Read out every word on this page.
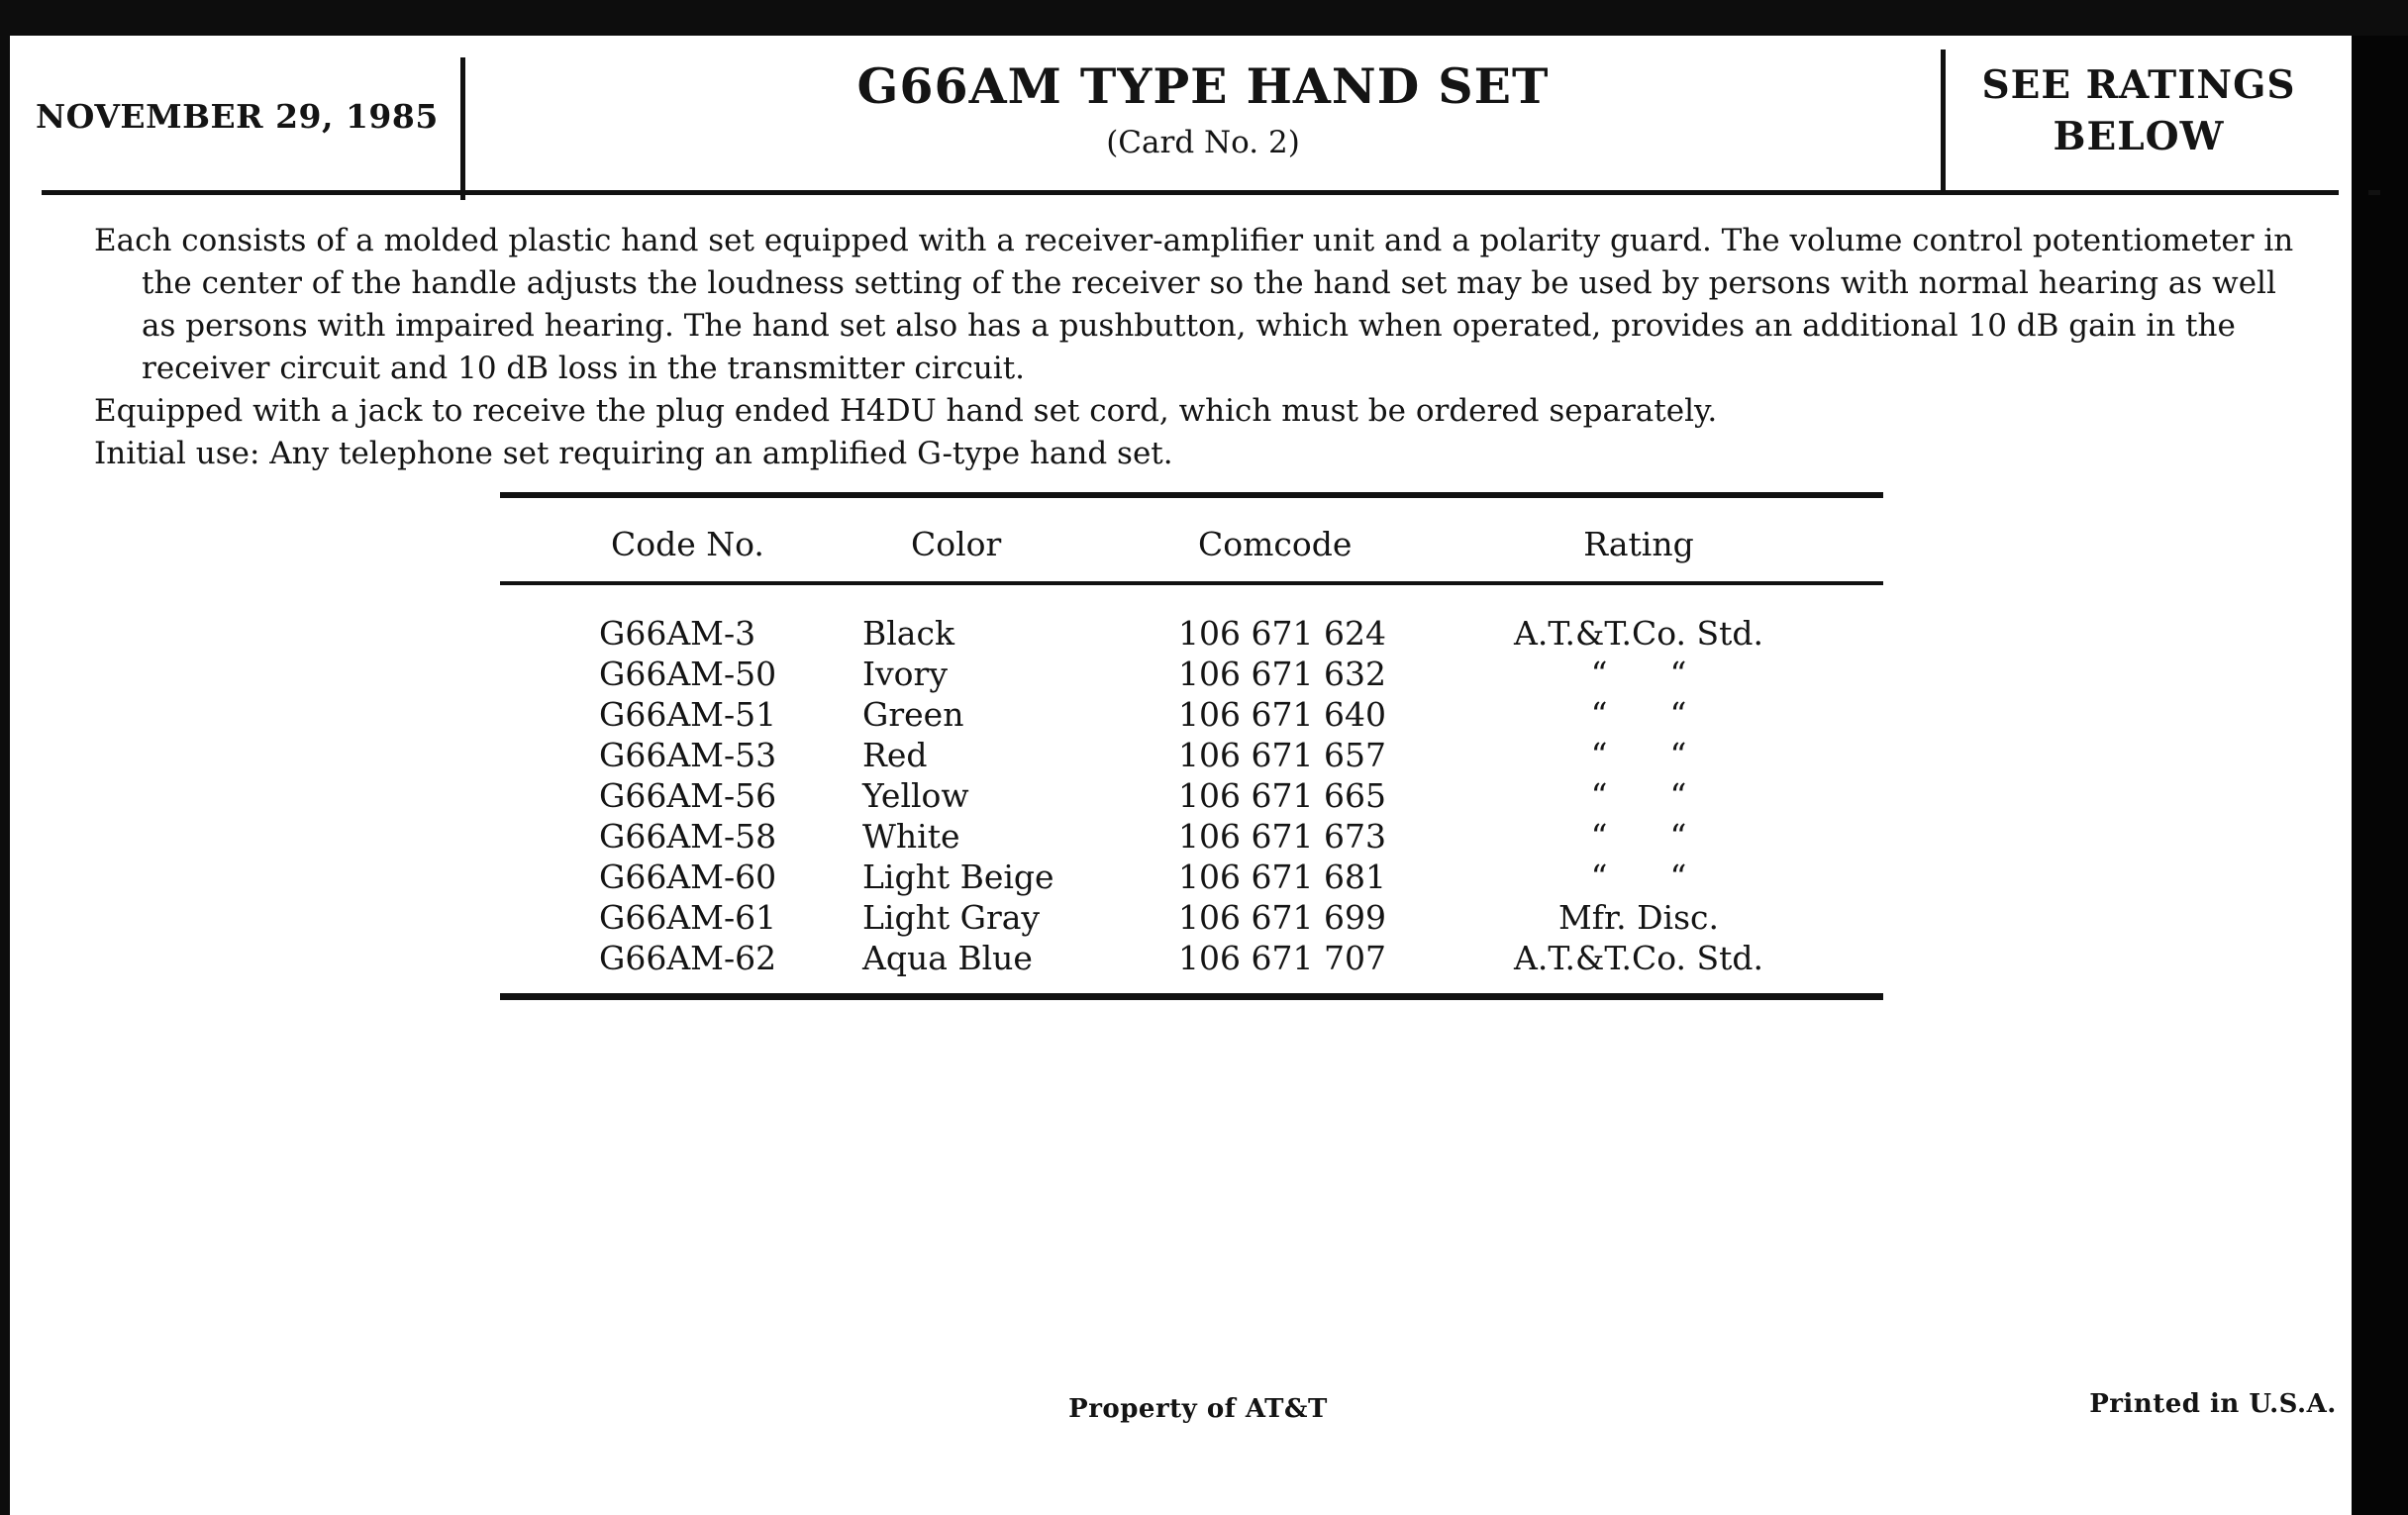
NOVEMBER 29, 1985
G66AM TYPE HAND SET
(Card No. 2)
SEE RATINGS
BELOW

Each consists of a molded plastic hand set equipped with a receiver-amplifier unit and a polarity guard. The volume control potentiometer in the center of the handle adjusts the loudness setting of the receiver so the hand set may be used by persons with normal hearing as well as persons with impaired hearing. The hand set also has a pushbutton, which when operated, provides an additional 10 dB gain in the receiver circuit and 10 dB loss in the transmitter circuit.

Equipped with a jack to receive the plug ended H4DU hand set cord, which must be ordered separately.

Initial use: Any telephone set requiring an amplified G-type hand set.

Code No.	Color	Comcode	Rating
G66AM-3	Black	106 671 624	A.T.&T.Co. Std.
G66AM-50	Ivory	106 671 632	“      “
G66AM-51	Green	106 671 640	“      “
G66AM-53	Red	106 671 657	“      “
G66AM-56	Yellow	106 671 665	“      “
G66AM-58	White	106 671 673	“      “
G66AM-60	Light Beige	106 671 681	“      “
G66AM-61	Light Gray	106 671 699	Mfr. Disc.
G66AM-62	Aqua Blue	106 671 707	A.T.&T.Co. Std.
Property of AT&T	Printed in U.S.A.
